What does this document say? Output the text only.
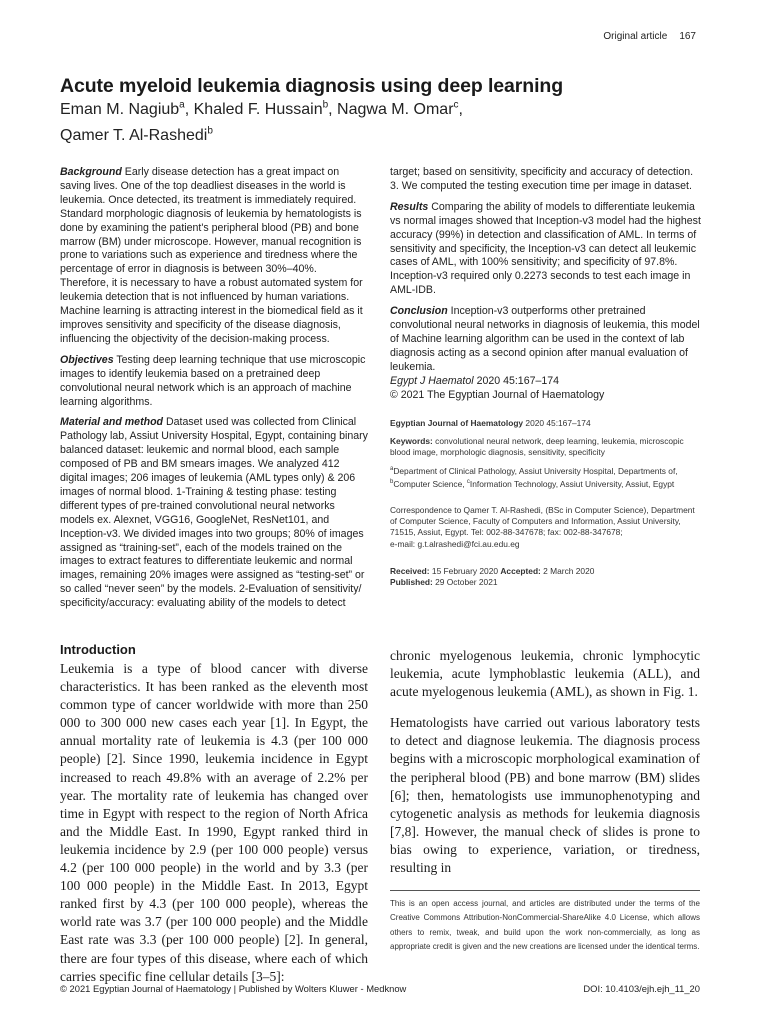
Original article 167
Acute myeloid leukemia diagnosis using deep learning
Eman M. Nagiub$^a$, Khaled F. Hussain$^b$, Nagwa M. Omar$^c$,
Qamer T. Al-Rashedi$^b$

Background Early disease detection has a great impact on saving lives. One of the top deadliest diseases in the world is leukemia. Once detected, its treatment is immediately required. Standard morphologic diagnosis of leukemia by hematologists is done by examining the patient's peripheral blood (PB) and bone marrow (BM) under microscope. However, manual recognition is prone to variations such as experience and tiredness where the percentage of error in diagnosis is between 30%–40%. Therefore, it is necessary to have a robust automated system for leukemia detection that is not influenced by human variations. Machine learning is attracting interest in the biomedical field as it improves sensitivity and specificity of the disease diagnosis, influencing the objectivity of the decision-making process.

Objectives Testing deep learning technique that use microscopic images to identify leukemia based on a pretrained deep convolutional neural network which is an approach of machine learning algorithms.

Material and method Dataset used was collected from Clinical Pathology lab, Assiut University Hospital, Egypt, containing binary balanced dataset: leukemic and normal blood, each sample composed of PB and BM smears images. We analyzed 412 digital images; 206 images of leukemia (AML types only) & 206 images of normal blood. 1-Training & testing phase: testing different types of pre-trained convolutional neural networks models ex. Alexnet, VGG16, GoogleNet, ResNet101, and Inception-v3. We divided images into two groups; 80% of images assigned as “training-set”, each of the models trained on the images to extract features to differentiate leukemic and normal images, remaining 20% images were assigned as “testing-set” or so called “never seen” by the models. 2-Evaluation of sensitivity/ specificity/accuracy: evaluating ability of the models to detect

target; based on sensitivity, specificity and accuracy of detection. 3. We computed the testing execution time per image in dataset.

Results Comparing the ability of models to differentiate leukemia vs normal images showed that Inception-v3 model had the highest accuracy (99%) in detection and classification of AML. In terms of sensitivity and specificity, the Inception-v3 can detect all leukemic cases of AML, with 100% sensitivity; and specificity of 97.8%. Inception-v3 required only 0.2273 seconds to test each image in AML-IDB.

Conclusion Inception-v3 outperforms other pretrained convolutional neural networks in diagnosis of leukemia, this model of Machine learning algorithm can be used in the context of lab diagnosis acting as a second opinion after manual evaluation of leukemia.

Egypt J Haematol 2020 45:167–174
© 2021 The Egyptian Journal of Haematology
Egyptian Journal of Haematology 2020 45:167–174
Keywords: convolutional neural network, deep learning, leukemia, microscopic blood image, morphologic diagnosis, sensitivity, specificity
$^a$Department of Clinical Pathology, Assiut University Hospital, Departments of, $^b$Computer Science, $^c$Information Technology, Assiut University, Assiut, Egypt
Correspondence to Qamer T. Al-Rashedi, (BSc in Computer Science), Department of Computer Science, Faculty of Computers and Information, Assiut University, 71515, Assiut, Egypt. Tel: 002-88-347678; fax: 002-88-347678;
e-mail: g.t.alrashedi@fci.au.edu.eg
Received: 15 February 2020 Accepted: 2 March 2020
Published: 29 October 2021
Introduction

Leukemia is a type of blood cancer with diverse characteristics. It has been ranked as the eleventh most common type of cancer worldwide with more than 250 000 to 300 000 new cases each year [1]. In Egypt, the annual mortality rate of leukemia is 4.3 (per 100 000 people) [2]. Since 1990, leukemia incidence in Egypt increased to reach 49.8% with an average of 2.2% per year. The mortality rate of leukemia has changed over time in Egypt with respect to the region of North Africa and the Middle East. In 1990, Egypt ranked third in leukemia incidence by 2.9 (per 100 000 people) versus 4.2 (per 100 000 people) in the world and by 3.3 (per 100 000 people) in the Middle East. In 2013, Egypt ranked first by 4.3 (per 100 000 people), whereas the world rate was 3.7 (per 100 000 people) and the Middle East rate was 3.3 (per 100 000 people) [2]. In general, there are four types of this disease, where each of which carries specific fine cellular details [3–5]:

chronic myelogenous leukemia, chronic lymphocytic leukemia, acute lymphoblastic leukemia (ALL), and acute myelogenous leukemia (AML), as shown in Fig. 1.

Hematologists have carried out various laboratory tests to detect and diagnose leukemia. The diagnosis process begins with a microscopic morphological examination of the peripheral blood (PB) and bone marrow (BM) slides [6]; then, hematologists use immunophenotyping and cytogenetic analysis as methods for leukemia diagnosis [7,8]. However, the manual check of slides is prone to bias owing to experience, variation, or tiredness, resulting in

This is an open access journal, and articles are distributed under the terms of the Creative Commons Attribution-NonCommercial-ShareAlike 4.0 License, which allows others to remix, tweak, and build upon the work non-commercially, as long as appropriate credit is given and the new creations are licensed under the identical terms.
© 2021 Egyptian Journal of Haematology | Published by Wolters Kluwer - Medknow	DOI: 10.4103/ejh.ejh_11_20
